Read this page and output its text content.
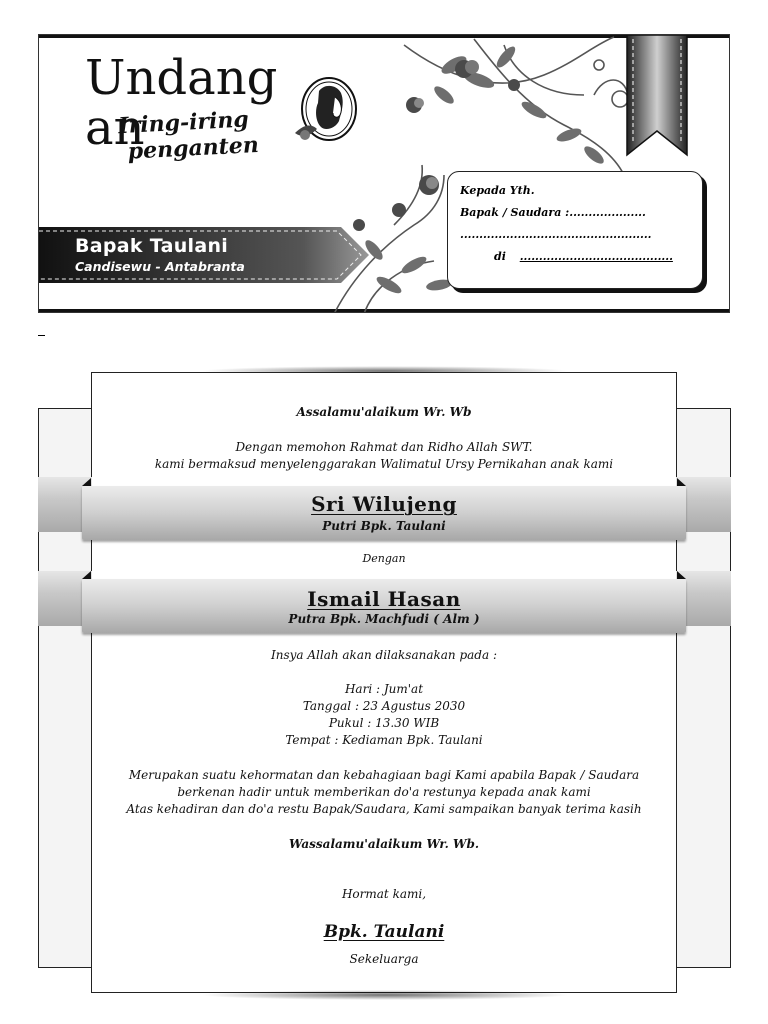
Undangan
Iring-iring
penganten
Bapak Taulani
Candisewu - Antabranta
Kepada Yth.
Bapak / Saudara :....................
..................................................
di ........................................
Assalamu'alaikum Wr. Wb
Dengan memohon Rahmat dan Ridho Allah SWT.
kami bermaksud menyelenggarakan Walimatul Ursy Pernikahan anak kami
Sri Wilujeng
Putri Bpk. Taulani
Dengan
Ismail Hasan
Putra Bpk. Machfudi ( Alm )
Insya Allah akan dilaksanakan pada :
Hari : Jum'at
Tanggal : 23 Agustus 2030
Pukul : 13.30 WIB
Tempat : Kediaman Bpk. Taulani
Merupakan suatu kehormatan dan kebahagiaan bagi Kami apabila Bapak / Saudara
berkenan hadir untuk memberikan do'a restunya kepada anak kami
Atas kehadiran dan do'a restu Bapak/Saudara, Kami sampaikan banyak terima kasih
Wassalamu'alaikum Wr. Wb.
Hormat kami,
Bpk. Taulani
Sekeluarga
